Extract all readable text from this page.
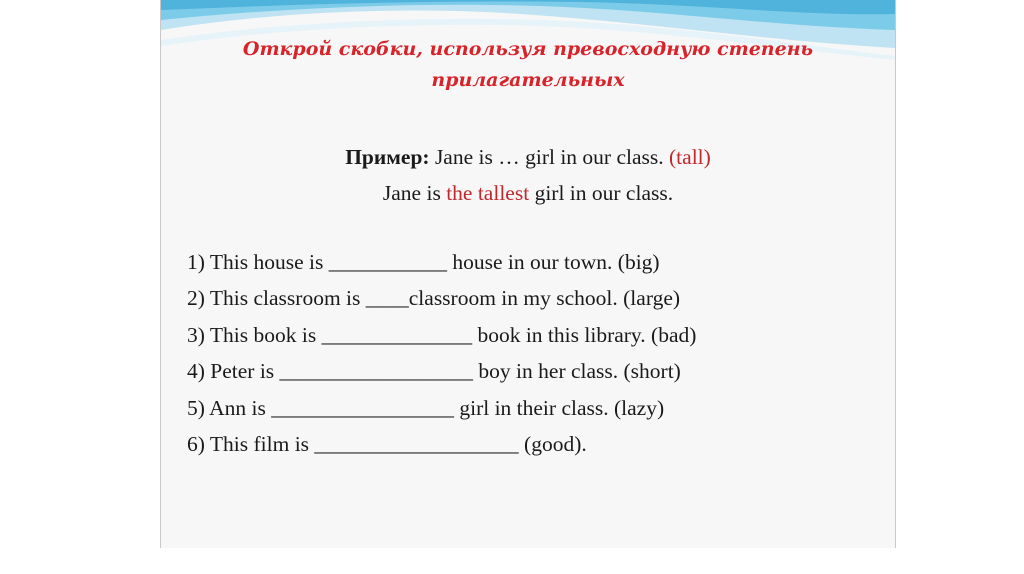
Открой скобки, используя превосходную степень
прилагательных
Пример: Jane is … girl in our class. (tall)
Jane is the tallest girl in our class.
1) This house is ___________ house in our town. (big)
2) This classroom is ____classroom in my school. (large)
3) This book is ______________ book in this library. (bad)
4) Peter is __________________ boy in her class. (short)
5) Ann is _________________ girl in their class. (lazy)
6) This film is ___________________ (good).
